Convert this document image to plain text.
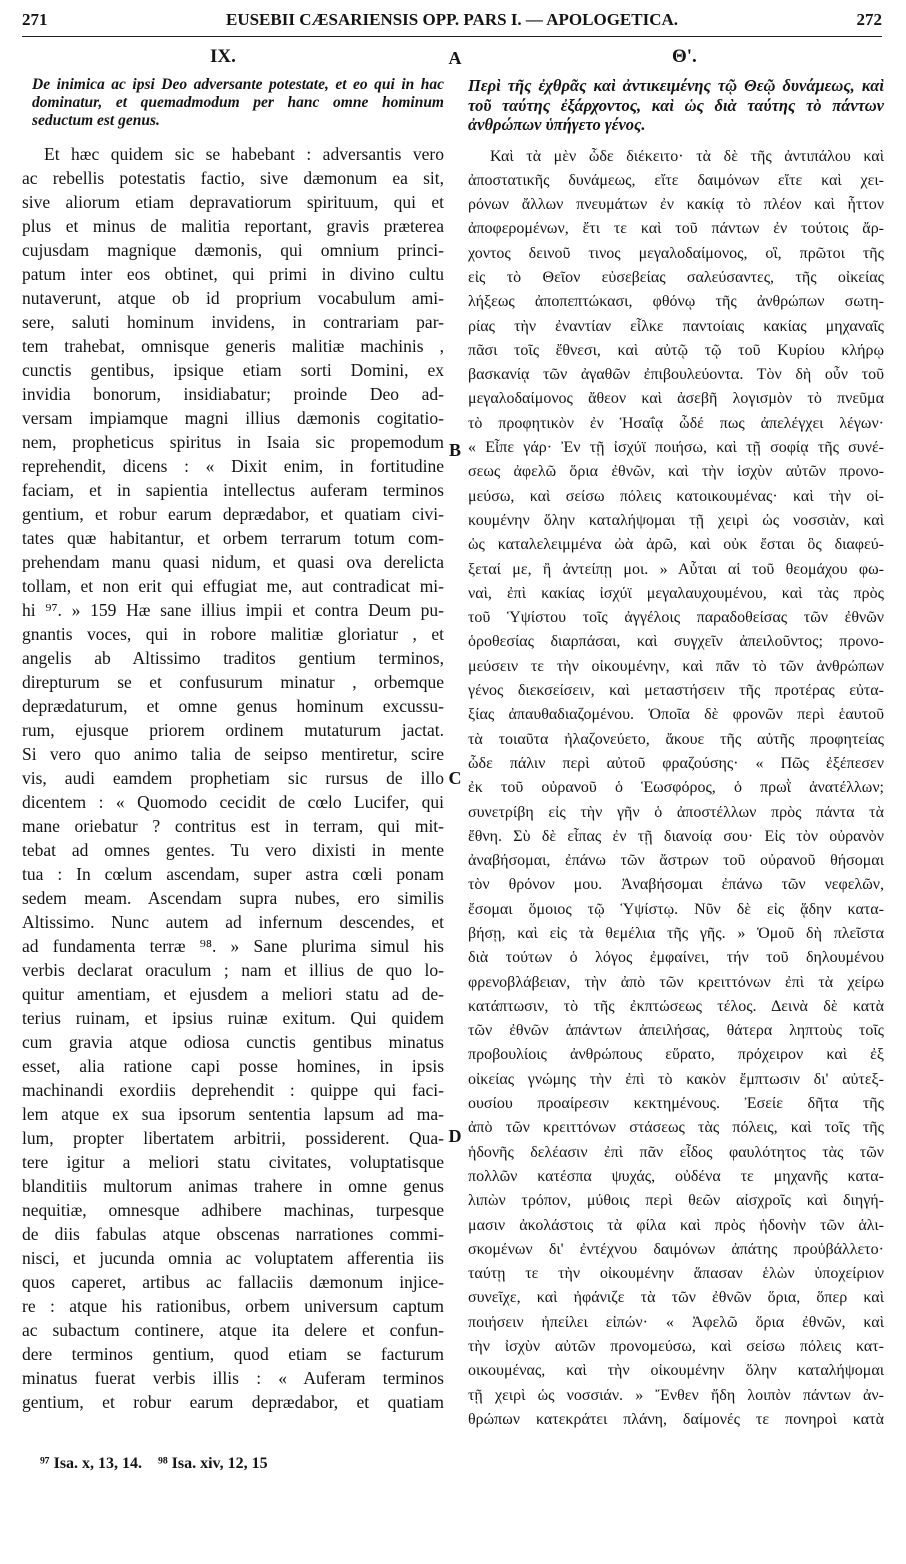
271	EUSEBII CÆSARIENSIS OPP. PARS I. — APOLOGETICA.	272
IX.	A	Θ'.
B
C
D
De inimica ac ipsi Deo adversante potestate, et eo qui in hac dominatur, et quemadmodum per hanc omne hominum seductum est genus.
Et hæc quidem sic se habebant : adversantis vero
ac rebellis potestatis factio, sive dæmonum ea sit,
sive aliorum etiam depravatiorum spirituum, qui et
plus et minus de malitia reportant, gravis præterea
cujusdam magnique dæmonis, qui omnium princi-
patum inter eos obtinet, qui primi in divino cultu
nutaverunt, atque ob id proprium vocabulum ami-
sere, saluti hominum invidens, in contrariam par-
tem trahebat, omnisque generis malitiæ machinis ,
cunctis gentibus, ipsique etiam sorti Domini, ex
invidia bonorum, insidiabatur; proinde Deo ad-
versam impiamque magni illius dæmonis cogitatio-
nem, propheticus spiritus in Isaia sic propemodum
reprehendit, dicens : « Dixit enim, in fortitudine
faciam, et in sapientia intellectus auferam terminos
gentium, et robur earum deprædabor, et quatiam civi-
tates quæ habitantur, et orbem terrarum totum com-
prehendam manu quasi nidum, et quasi ova derelicta
tollam, et non erit qui effugiat me, aut contradicat mi-
hi ⁹⁷. » 159 Hæ sane illius impii et contra Deum pu-
gnantis voces, qui in robore malitiæ gloriatur , et
angelis ab Altissimo traditos gentium terminos,
direpturum se et confusurum minatur , orbemque
deprædaturum, et omne genus hominum excussu-
rum, ejusque priorem ordinem mutaturum jactat.
Si vero quo animo talia de seipso mentiretur, scire
vis, audi eamdem prophetiam sic rursus de illo
dicentem : « Quomodo cecidit de cœlo Lucifer, qui
mane oriebatur ? contritus est in terram, qui mit-
tebat ad omnes gentes. Tu vero dixisti in mente
tua : In cœlum ascendam, super astra cœli ponam
sedem meam. Ascendam supra nubes, ero similis
Altissimo. Nunc autem ad infernum descendes, et
ad fundamenta terræ ⁹⁸. » Sane plurima simul his
verbis declarat oraculum ; nam et illius de quo lo-
quitur amentiam, et ejusdem a meliori statu ad de-
terius ruinam, et ipsius ruinæ exitum. Qui quidem
cum gravia atque odiosa cunctis gentibus minatus
esset, alia ratione capi posse homines, in ipsis
machinandi exordiis deprehendit : quippe qui faci-
lem atque ex sua ipsorum sententia lapsum ad ma-
lum, propter libertatem arbitrii, possiderent. Qua-
tere igitur a meliori statu civitates, voluptatisque
blanditiis multorum animas trahere in omne genus
nequitiæ, omnesque adhibere machinas, turpesque
de diis fabulas atque obscenas narrationes commi-
nisci, et jucunda omnia ac voluptatem afferentia iis
quos caperet, artibus ac fallaciis dæmonum injice-
re : atque his rationibus, orbem universum captum
ac subactum continere, atque ita delere et confun-
dere terminos gentium, quod etiam se facturum
minatus fuerat verbis illis : « Auferam terminos
gentium, et robur earum deprædabor, et quatiam
Περὶ τῆς ἐχθρᾶς καὶ ἀντικειμένης τῷ Θεῷ δυνάμεως, καὶ τοῦ ταύτης ἐξάρχοντος, καὶ ὡς διὰ ταύτης τὸ πάντων ἀνθρώπων ὑπήγετο γένος.
Καὶ τὰ μὲν ὧδε διέκειτο· τὰ δὲ τῆς ἀντιπάλου καὶ
ἀποστατικῆς δυνάμεως, εἴτε δαιμόνων εἴτε καὶ χει-
ρόνων ἄλλων πνευμάτων ἐν κακίᾳ τὸ πλέον καὶ ἧττον
ἀποφερομένων, ἔτι τε καὶ τοῦ πάντων ἐν τούτοις ἄρ-
χοντος δεινοῦ τινος μεγαλοδαίμονος, οἳ, πρῶτοι τῆς
εἰς τὸ Θεῖον εὐσεβείας σαλεύσαντες, τῆς οἰκείας
λήξεως ἀποπεπτώκασι, φθόνῳ τῆς ἀνθρώπων σωτη-
ρίας τὴν ἐναντίαν εἷλκε παντοίαις κακίας μηχαναῖς
πᾶσι τοῖς ἔθνεσι, καὶ αὐτῷ τῷ τοῦ Κυρίου κλήρῳ
βασκανίᾳ τῶν ἀγαθῶν ἐπιβουλεύοντα. Τὸν δὴ οὖν τοῦ
μεγαλοδαίμονος ἄθεον καὶ ἀσεβῆ λογισμὸν τὸ πνεῦμα
τὸ προφητικὸν ἐν Ἡσαΐᾳ ὧδέ πως ἀπελέγχει λέγων·
« Εἶπε γάρ· Ἐν τῇ ἰσχύϊ ποιήσω, καὶ τῇ σοφίᾳ τῆς συνέ-
σεως ἀφελῶ ὅρια ἐθνῶν, καὶ τὴν ἰσχὺν αὐτῶν προνο-
μεύσω, καὶ σείσω πόλεις κατοικουμένας· καὶ τὴν οἰ-
κουμένην ὅλην καταλήψομαι τῇ χειρὶ ὡς νοσσιὰν, καὶ
ὡς καταλελειμμένα ὠὰ ἀρῶ, καὶ οὐκ ἔσται ὃς διαφεύ-
ξεταί με, ἢ ἀντείπῃ μοι. » Αὗται αἱ τοῦ θεομάχου φω-
ναὶ, ἐπὶ κακίας ἰσχύϊ μεγαλαυχουμένου, καὶ τὰς πρὸς
τοῦ Ὑψίστου τοῖς ἀγγέλοις παραδοθείσας τῶν ἐθνῶν
ὁροθεσίας διαρπάσαι, καὶ συγχεῖν ἀπειλοῦντος; προνο-
μεύσειν τε τὴν οἰκουμένην, καὶ πᾶν τὸ τῶν ἀνθρώπων
γένος διεκσείσειν, καὶ μεταστήσειν τῆς προτέρας εὐτα-
ξίας ἀπαυθαδιαζομένου. Ὁποῖα δὲ φρονῶν περὶ ἑαυτοῦ
τὰ τοιαῦτα ἠλαζονεύετο, ἄκουε τῆς αὐτῆς προφητείας
ὧδε πάλιν περὶ αὐτοῦ φραζούσης· « Πῶς ἐξέπεσεν
ἐκ τοῦ οὐρανοῦ ὁ Ἑωσφόρος, ὁ πρωῒ ἀνατέλλων;
συνετρίβη εἰς τὴν γῆν ὁ ἀποστέλλων πρὸς πάντα τὰ
ἔθνη. Σὺ δὲ εἶπας ἐν τῇ διανοίᾳ σου· Εἰς τὸν οὐρανὸν
ἀναβήσομαι, ἐπάνω τῶν ἄστρων τοῦ οὐρανοῦ θήσομαι
τὸν θρόνον μου. Ἀναβήσομαι ἐπάνω τῶν νεφελῶν,
ἔσομαι ὅμοιος τῷ Ὑψίστῳ. Νῦν δὲ εἰς ᾅδην κατα-
βήσῃ, καὶ εἰς τὰ θεμέλια τῆς γῆς. » Ὁμοῦ δὴ πλεῖστα
διὰ τούτων ὁ λόγος ἐμφαίνει, τήν τοῦ δηλουμένου
φρενοβλάβειαν, τὴν ἀπὸ τῶν κρειττόνων ἐπὶ τὰ χείρω
κατάπτωσιν, τὸ τῆς ἐκπτώσεως τέλος. Δεινὰ δὲ κατὰ
τῶν ἐθνῶν ἁπάντων ἀπειλήσας, θάτερα ληπτοὺς τοῖς
προβουλίοις ἀνθρώπους εὕρατο, πρόχειρον καὶ ἐξ
οἰκείας γνώμης τὴν ἐπὶ τὸ κακὸν ἔμπτωσιν δι' αὐτεξ-
ουσίου προαίρεσιν κεκτημένους. Ἐσείε δῆτα τῆς
ἀπὸ τῶν κρειττόνων στάσεως τὰς πόλεις, καὶ τοῖς τῆς
ἡδονῆς δελέασιν ἐπὶ πᾶν εἶδος φαυλότητος τὰς τῶν
πολλῶν κατέσπα ψυχάς, οὐδένα τε μηχανῆς κατα-
λιπὼν τρόπον, μύθοις περὶ θεῶν αἰσχροῖς καὶ διηγή-
μασιν ἀκολάστοις τὰ φίλα καὶ πρὸς ἡδονὴν τῶν ἁλι-
σκομένων δι' ἐντέχνου δαιμόνων ἀπάτης προὐβάλλετο·
ταύτῃ τε τὴν οἰκουμένην ἅπασαν ἑλὼν ὑποχείριον
συνεῖχε, καὶ ἠφάνιζε τὰ τῶν ἐθνῶν ὅρια, ὅπερ καὶ
ποιήσειν ἠπείλει εἰπών· « Ἀφελῶ ὅρια ἐθνῶν, καὶ
τὴν ἰσχὺν αὐτῶν προνομεύσω, καὶ σείσω πόλεις κατ-
οικουμένας, καὶ τὴν οἰκουμένην ὅλην καταλήψομαι
τῇ χειρὶ ὡς νοσσιάν. » Ἔνθεν ἤδη λοιπὸν πάντων ἀν-
θρώπων κατεκράτει πλάνη, δαίμονές τε πονηροὶ κατὰ
⁹⁷ Isa. x, 13, 14. ⁹⁸ Isa. xiv, 12, 15
